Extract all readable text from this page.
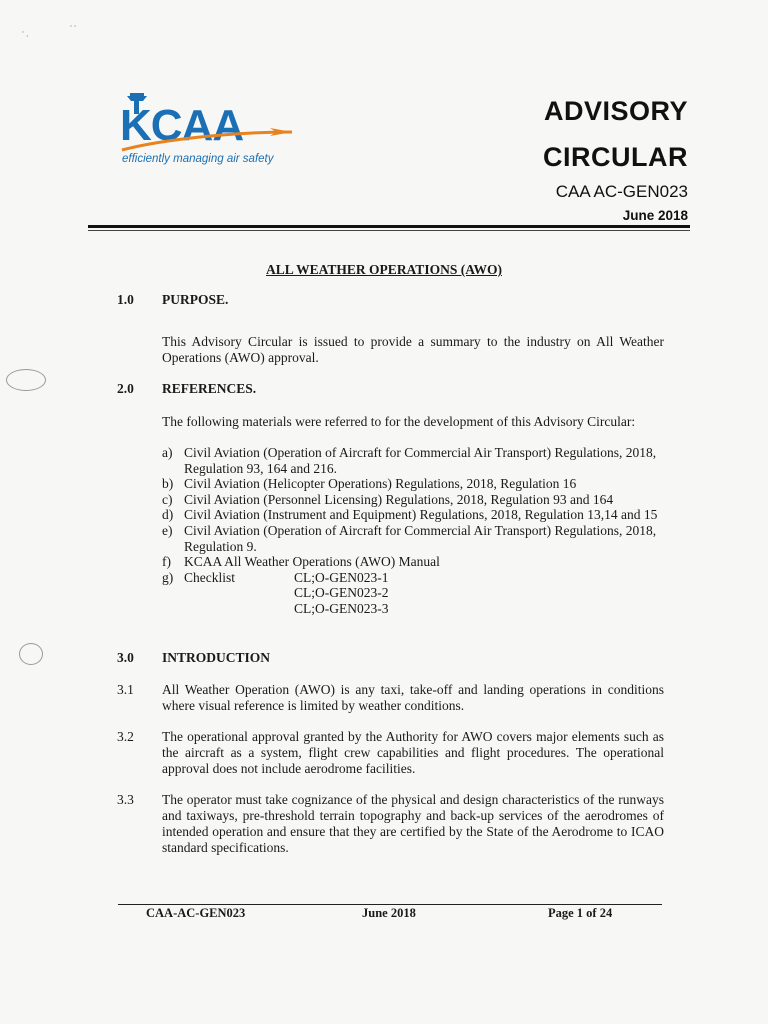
' ,
' '
KCAA
efficiently managing air safety
ADVISORY
CIRCULAR
CAA AC-GEN023
June 2018
ALL WEATHER OPERATIONS (AWO)
1.0 PURPOSE.
This Advisory Circular is issued to provide a summary to the industry on All Weather Operations (AWO) approval.
2.0 REFERENCES.
The following materials were referred to for the development of this Advisory Circular:
a) Civil Aviation (Operation of Aircraft for Commercial Air Transport) Regulations, 2018, Regulation 93, 164 and 216.
b) Civil Aviation (Helicopter Operations) Regulations, 2018, Regulation 16
c) Civil Aviation (Personnel Licensing) Regulations, 2018, Regulation 93 and 164
d) Civil Aviation (Instrument and Equipment) Regulations, 2018, Regulation 13,14 and 15
e) Civil Aviation (Operation of Aircraft for Commercial Air Transport) Regulations, 2018, Regulation 9.
f) KCAA All Weather Operations (AWO) Manual
g) Checklist	CL;O-GEN023-1
CL;O-GEN023-2
CL;O-GEN023-3
3.0 INTRODUCTION
3.1 All Weather Operation (AWO) is any taxi, take-off and landing operations in conditions where visual reference is limited by weather conditions.
3.2 The operational approval granted by the Authority for AWO covers major elements such as the aircraft as a system, flight crew capabilities and flight procedures. The operational approval does not include aerodrome facilities.
3.3 The operator must take cognizance of the physical and design characteristics of the runways and taxiways, pre-threshold terrain topography and back-up services of the aerodromes of intended operation and ensure that they are certified by the State of the Aerodrome to ICAO standard specifications.
CAA-AC-GEN023	June 2018	Page 1 of 24
